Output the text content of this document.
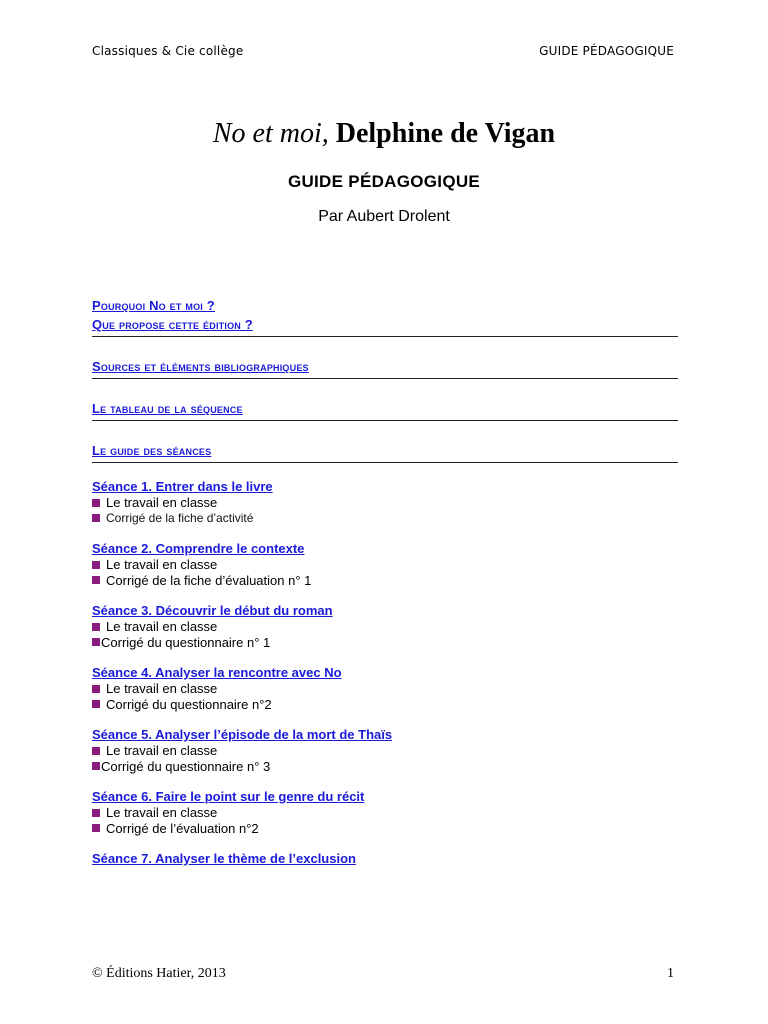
Classiques & Cie collège	GUIDE PÉDAGOGIQUE
No et moi, Delphine de Vigan
GUIDE PÉDAGOGIQUE
Par Aubert Drolent
Pourquoi No et moi ?
Que propose cette édition ?
Sources et éléments bibliographiques
Le tableau de la séquence
Le guide des séances
Séance 1. Entrer dans le livre
Le travail en classe
Corrigé de la fiche d’activité
Séance 2. Comprendre le contexte
Le travail en classe
Corrigé de la fiche d’évaluation n° 1
Séance 3. Découvrir le début du roman
Le travail en classe
Corrigé du questionnaire n° 1
Séance 4. Analyser la rencontre avec No
Le travail en classe
Corrigé du questionnaire n°2
Séance 5. Analyser l’épisode de la mort de Thaïs
Le travail en classe
Corrigé du questionnaire n° 3
Séance 6. Faire le point sur le genre du récit
Le travail en classe
Corrigé de l’évaluation n°2
Séance 7. Analyser le thème de l’exclusion
© Éditions Hatier, 2013	1
